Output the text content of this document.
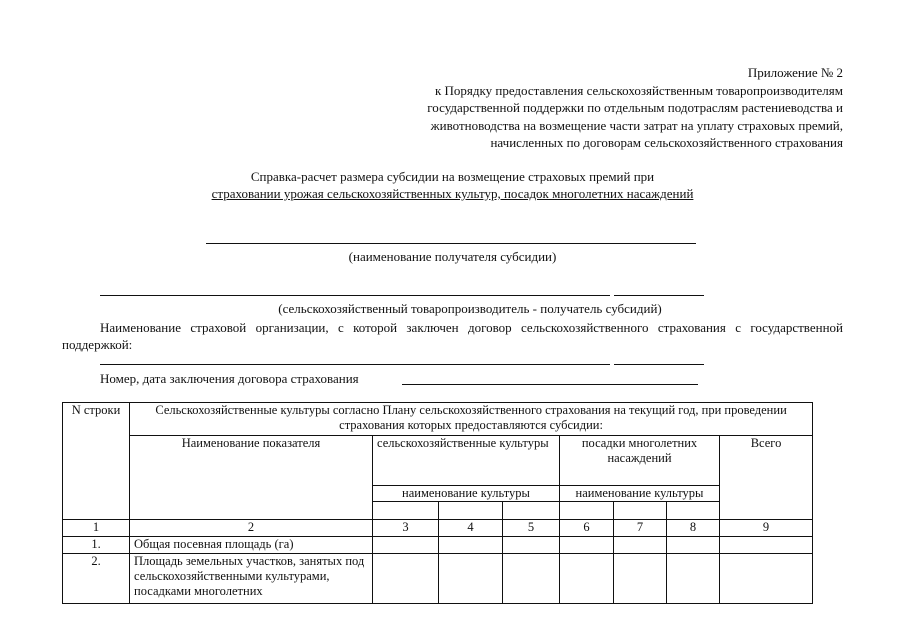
Приложение № 2
к Порядку предоставления сельскохозяйственным товаропроизводителям
государственной поддержки по отдельным подотраслям растениеводства и
животноводства на возмещение части затрат на уплату страховых премий,
начисленных по договорам сельскохозяйственного страхования
Справка-расчет размера субсидии на возмещение страховых премий при
страховании урожая сельскохозяйственных культур, посадок многолетних насаждений
(наименование получателя субсидии)
(сельскохозяйственный товаропроизводитель - получатель субсидий)
Наименование страховой организации, с которой заключен договор сельскохозяйственного страхования с государственной поддержкой:
Номер, дата заключения договора страхования
N строки	Сельскохозяйственные культуры согласно Плану сельскохозяйственного страхования на текущий год, при проведении страхования которых предоставляются субсидии:							
	Наименование показателя	сельскохозяйственные культуры			посадки многолетних насаждений			Всего
		наименование культуры			наименование культуры			

1	2	3	4	5	6	7	8	9
1.	Общая посевная площадь (га)							
2.	Площадь земельных участков, занятых под сельскохозяйственными культурами, посадками многолетних							
